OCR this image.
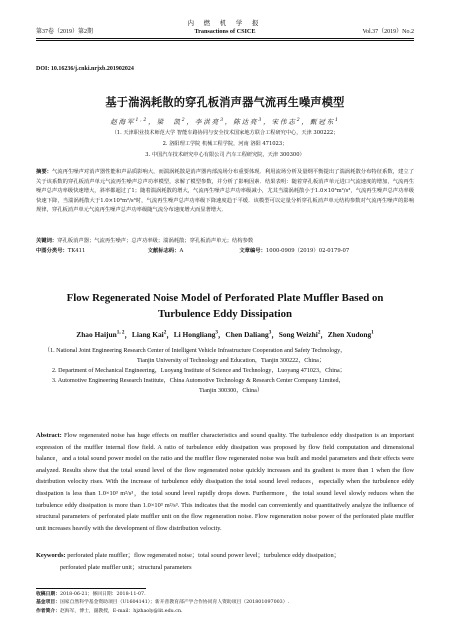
第37卷（2019）第2期
内 燃 机 学 报
Transactions of CSICE	Vol.37（2019）No.2
DOI: 10.16236/j.cnki.nrjxb.201902024
基于湍涡耗散的穿孔板消声器气流再生噪声模型
赵海军$^{1,2}$，梁　凯$^2$，李洪亮$^3$，陈达亮$^3$，宋伟志$^2$，甄冠东$^1$
（1. 天津职业技术师范大学 智能车路协同与安全技术国家地方联合工程研究中心，天津 300222；
2. 洛阳理工学院 机械工程学院，河南 洛阳 471023；
3. 中国汽车技术研究中心有限公司 汽车工程研究院，天津 300300）
摘要：气流再生噪声对消声器性能和声品质影响大，而湍涡耗散是消声器内部流场分布重要体现．利用流场分析及量纲平衡提出了湍涡耗散分布特征系数，建立了关于该系数的穿孔板消声单元气流再生噪声总声功率模型，求解了模型参数，并分析了影响因素．结果表明：随着穿孔板消声单元进口气流速度的增加，气流再生噪声总声功率级快速增大，斜率都超过了1；随着湍涡耗散的增大，气流再生噪声总声功率级减小，尤其当湍涡耗散小于1.0×10³m²/s³，气流再生噪声总声功率级快速下降，当湍涡耗散大于1.0×10³m²/s³时，气流再生噪声总声功率级下降速度趋于平缓．该模型可以定量分析穿孔板消声单元结构参数对气流再生噪声的影响规律，穿孔板消声单元气流再生噪声总声功率级随气流分布速度增大而显著增大．
关键词：穿孔板消声器；气流再生噪声；总声功率级；湍涡耗散；穿孔板消声单元；结构参数
中图分类号：TK411	文献标志码：A	文章编号：1000-0909（2019）02-0179-07
Flow Regenerated Noise Model of Perforated Plate Muffler Based on Turbulence Eddy Dissipation
Zhao Haijun$^{1, 2}$，Liang Kai$^2$，Li Hongliang$^3$，Chen Daliang$^3$，Song Weizhi$^2$，Zhen Xudong$^1$
（1. National Joint Engineering Research Center of Intelligent Vehicle Infrastructure Cooperation and Safety Technology，
Tianjin University of Technology and Education，Tianjin 300222，China；
2. Department of Mechanical Engineering，Luoyang Institute of Science and Technology，Luoyang 471023，China；
3. Automotive Engineering Research Institute，China Automotive Technology & Research Center Company Limited，
Tianjin 300300，China）
Abstract: Flow regenerated noise has huge effects on muffler characteristics and sound quality. The turbulence eddy dissipation is an important expression of the muffler internal flow field. A ratio of turbulence eddy dissipation was proposed by flow field computation and dimensional balance，and a total sound power model on the ratio and the muffler flow regenerated noise was built and model parameters and their effects were analyzed. Results show that the total sound level of the flow regenerated noise quickly increases and its gradient is more than 1 when the flow distribution velocity rises. With the increase of turbulence eddy dissipation the total sound level reduces，especially when the turbulence eddy dissipation is less than 1.0×10³ m²/s³，the total sound level rapidly drops down. Furthermore，the total sound level slowly reduces when the turbulence eddy dissipation is more than 1.0×10³ m²/s³. This indicates that the model can conveniently and quantitatively analyze the influence of structural parameters of perforated plate muffler unit on the flow regeneration noise. Flow regeneration noise power of the perforated plate muffler unit increases heavily with the development of flow distribution velocity.
Keywords: perforated plate muffler；flow regenerated noise；total sound power level；turbulence eddy dissipation；
perforated plate muffler unit；structural parameters
收稿日期：2018-06-21；修回日期：2018-11-07.
基金项目：国家自然科学基金资助项目（U1604141）；新开普教育部产学合作协同育人资助项目（201801097003）.
作者简介：赵海军，博士，副教授，E-mail：hjzhaoly@lit.edu.cn.
